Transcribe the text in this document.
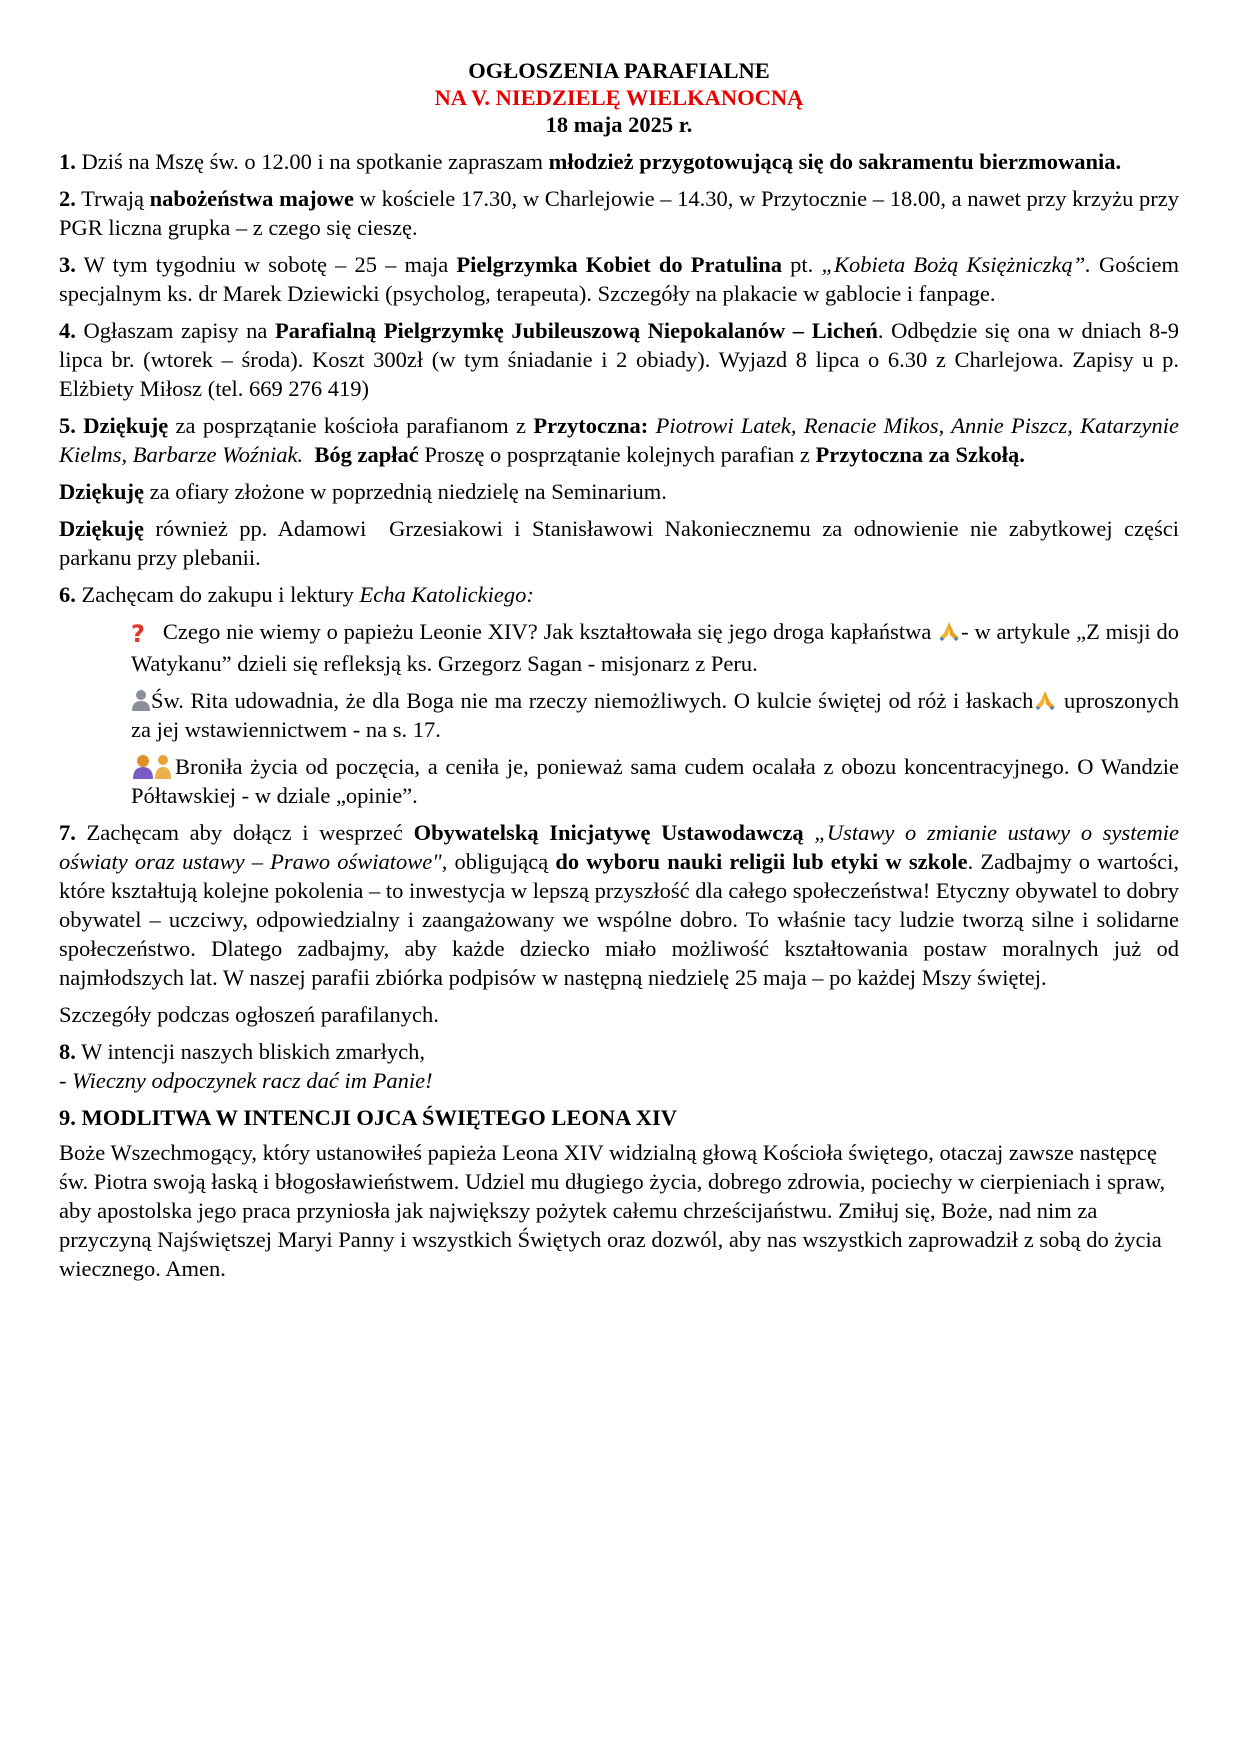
OGŁOSZENIA PARAFIALNE
NA V. NIEDZIELĘ WIELKANOCNĄ
18 maja 2025 r.

1. Dziś na Mszę św. o 12.00 i na spotkanie zapraszam młodzież przygotowującą się do sakramentu bierzmowania.

2. Trwają nabożeństwa majowe w kościele 17.30, w Charlejowie – 14.30, w Przytocznie – 18.00, a nawet przy krzyżu przy PGR liczna grupka – z czego się cieszę.

3. W tym tygodniu w sobotę – 25 – maja Pielgrzymka Kobiet do Pratulina pt. „Kobieta Bożą Księżniczką”. Gościem specjalnym ks. dr Marek Dziewicki (psycholog, terapeuta). Szczegóły na plakacie w gablocie i fanpage.

4. Ogłaszam zapisy na Parafialną Pielgrzymkę Jubileuszową Niepokalanów – Licheń. Odbędzie się ona w dniach 8-9 lipca br. (wtorek – środa). Koszt 300zł (w tym śniadanie i 2 obiady). Wyjazd 8 lipca o 6.30 z Charlejowa. Zapisy u p. Elżbiety Miłosz (tel. 669 276 419)

5. Dziękuję za posprzątanie kościoła parafianom z Przytoczna: Piotrowi Latek, Renacie Mikos, Annie Piszcz, Katarzynie Kielms, Barbarze Woźniak.  Bóg zapłać Proszę o posprzątanie kolejnych parafian z Przytoczna za Szkołą.

Dziękuję za ofiary złożone w poprzednią niedzielę na Seminarium.

Dziękuję również pp. Adamowi  Grzesiakowi i Stanisławowi Nakoniecznemu za odnowienie nie zabytkowej części parkanu przy plebanii.

6. Zachęcam do zakupu i lektury Echa Katolickiego:

? Czego nie wiemy o papieżu Leonie XIV? Jak kształtowała się jego droga kapłaństwa - w artykule „Z misji do Watykanu” dzieli się refleksją ks. Grzegorz Sagan - misjonarz z Peru.
Św. Rita udowadnia, że dla Boga nie ma rzeczy niemożliwych. O kulcie świętej od róż i łaskach uproszonych za jej wstawiennictwem - na s. 17.
Broniła życia od poczęcia, a ceniła je, ponieważ sama cudem ocalała z obozu koncentracyjnego. O Wandzie Półtawskiej - w dziale „opinie”.

7. Zachęcam aby dołącz i wesprzeć Obywatelską Inicjatywę Ustawodawczą „Ustawy o zmianie ustawy o systemie oświaty oraz ustawy – Prawo oświatowe", obligującą do wyboru nauki religii lub etyki w szkole. Zadbajmy o wartości, które kształtują kolejne pokolenia – to inwestycja w lepszą przyszłość dla całego społeczeństwa! Etyczny obywatel to dobry obywatel – uczciwy, odpowiedzialny i zaangażowany we wspólne dobro. To właśnie tacy ludzie tworzą silne i solidarne społeczeństwo. Dlatego zadbajmy, aby każde dziecko miało możliwość kształtowania postaw moralnych już od najmłodszych lat. W naszej parafii zbiórka podpisów w następną niedzielę 25 maja – po każdej Mszy świętej.

Szczegóły podczas ogłoszeń parafilanych.

8. W intencji naszych bliskich zmarłych,
- Wieczny odpoczynek racz dać im Panie!

9. MODLITWA W INTENCJI OJCA ŚWIĘTEGO LEONA XIV

Boże Wszechmogący, który ustanowiłeś papieża Leona XIV widzialną głową Kościoła świętego, otaczaj zawsze następcę św. Piotra swoją łaską i błogosławieństwem. Udziel mu długiego życia, dobrego zdrowia, pociechy w cierpieniach i spraw, aby apostolska jego praca przyniosła jak największy pożytek całemu chrześcijaństwu. Zmiłuj się, Boże, nad nim za przyczyną Najświętszej Maryi Panny i wszystkich Świętych oraz dozwól, aby nas wszystkich zaprowadził z sobą do życia wiecznego. Amen.
